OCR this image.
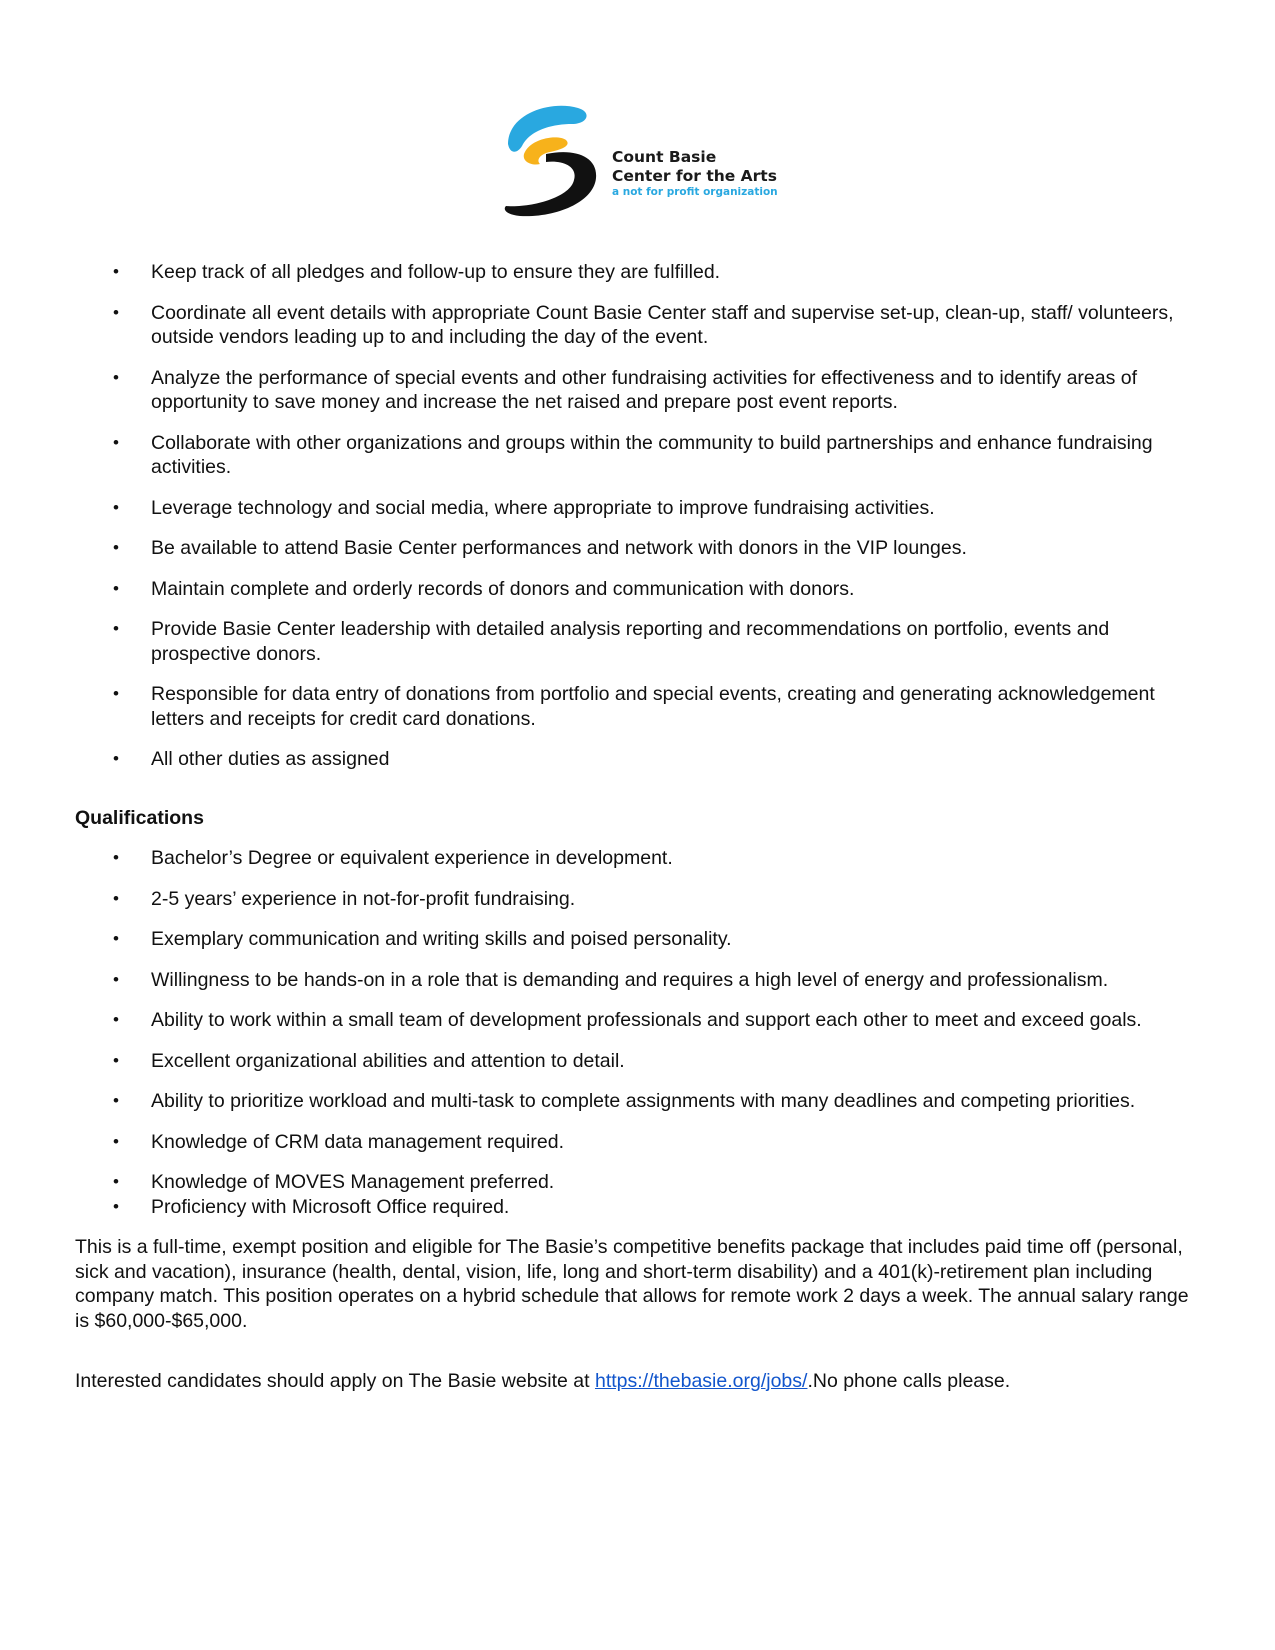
Count Basie
Center for the Arts
a not for profit organization
• Keep track of all pledges and follow-up to ensure they are fulfilled.
• Coordinate all event details with appropriate Count Basie Center staff and supervise set-up, clean-up, staff/ volunteers, outside vendors leading up to and including the day of the event.
• Analyze the performance of special events and other fundraising activities for effectiveness and to identify areas of opportunity to save money and increase the net raised and prepare post event reports.
• Collaborate with other organizations and groups within the community to build partnerships and enhance fundraising activities.
• Leverage technology and social media, where appropriate to improve fundraising activities.
• Be available to attend Basie Center performances and network with donors in the VIP lounges.
• Maintain complete and orderly records of donors and communication with donors.
• Provide Basie Center leadership with detailed analysis reporting and recommendations on portfolio, events and prospective donors.
• Responsible for data entry of donations from portfolio and special events, creating and generating acknowledgement letters and receipts for credit card donations.
• All other duties as assigned
Qualifications
• Bachelor’s Degree or equivalent experience in development.
• 2-5 years’ experience in not-for-profit fundraising.
• Exemplary communication and writing skills and poised personality.
• Willingness to be hands-on in a role that is demanding and requires a high level of energy and professionalism.
• Ability to work within a small team of development professionals and support each other to meet and exceed goals.
• Excellent organizational abilities and attention to detail.
• Ability to prioritize workload and multi-task to complete assignments with many deadlines and competing priorities.
• Knowledge of CRM data management required.
• Knowledge of MOVES Management preferred.
• Proficiency with Microsoft Office required.

This is a full-time, exempt position and eligible for The Basie’s competitive benefits package that includes paid time off (personal, sick and vacation), insurance (health, dental, vision, life, long and short-term disability) and a 401(k)-retirement plan including company match. This position operates on a hybrid schedule that allows for remote work 2 days a week. The annual salary range is $60,000-$65,000.

Interested candidates should apply on The Basie website at https://thebasie.org/jobs/.No phone calls please.
